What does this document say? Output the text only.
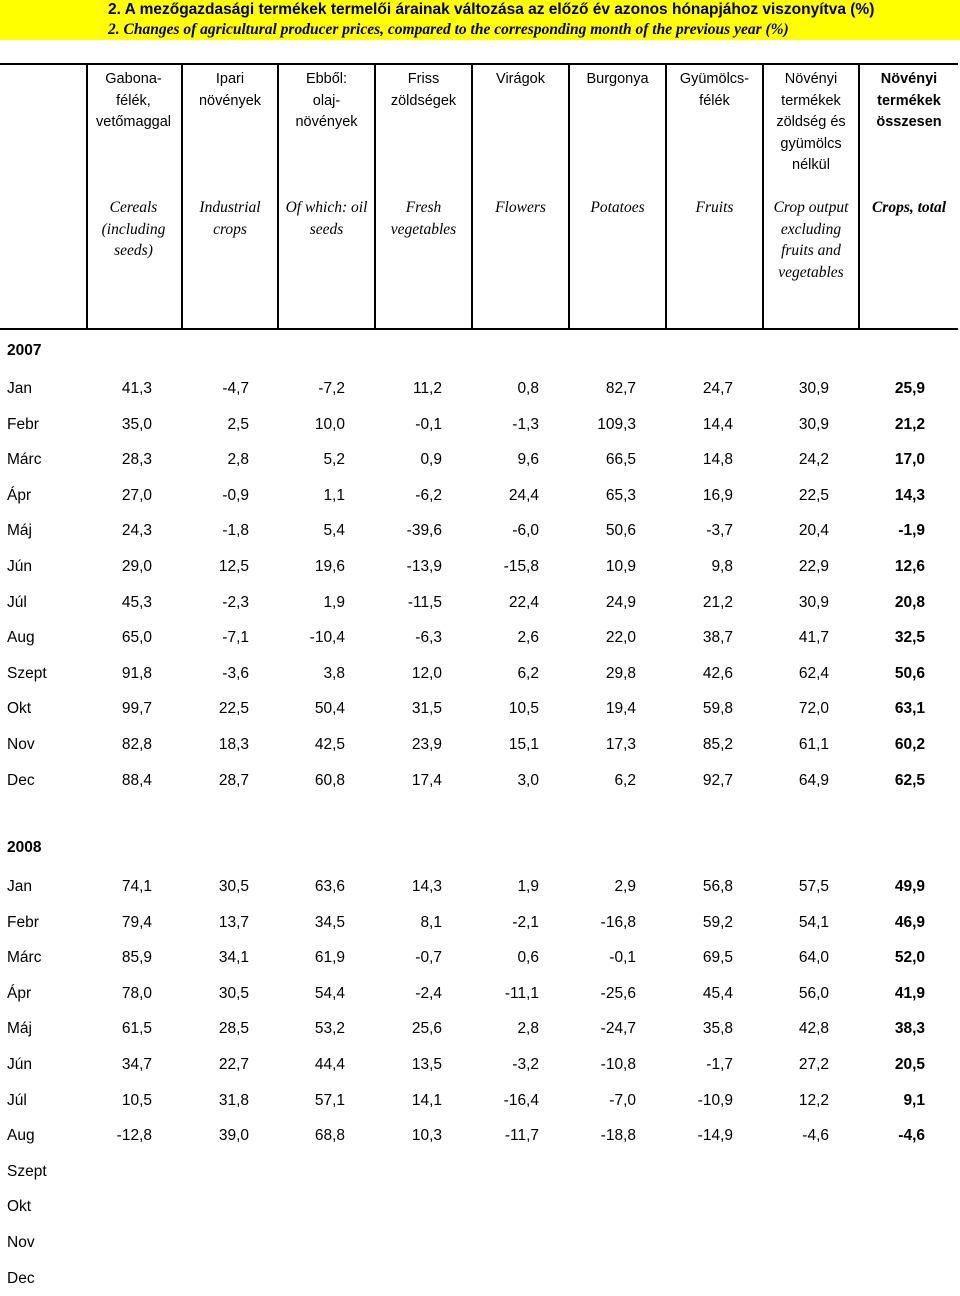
2. A mezőgazdasági termékek termelői árainak változása az előző év azonos hónapjához viszonyítva (%)
2. Changes of agricultural producer prices, compared to the corresponding month of the previous year (%)
Gabona-
félék,
vetőmaggal
Cereals
(including
seeds)
Ipari
növények
Industrial
crops
Ebből:
olaj-
növények
Of which: oil
seeds
Friss
zöldségek
Fresh
vegetables
Virágok
Flowers
Burgonya
Potatoes
Gyümölcs-
félék
Fruits
Növényi
termékek
zöldség és
gyümölcs
nélkül
Crop output
excluding
fruits and
vegetables
Növényi
termékek
összesen
Crops, total
2007
Jan	41,3	-4,7	-7,2	11,2	0,8	82,7	24,7	30,9	25,9
Febr	35,0	2,5	10,0	-0,1	-1,3	109,3	14,4	30,9	21,2
Márc	28,3	2,8	5,2	0,9	9,6	66,5	14,8	24,2	17,0
Ápr	27,0	-0,9	1,1	-6,2	24,4	65,3	16,9	22,5	14,3
Máj	24,3	-1,8	5,4	-39,6	-6,0	50,6	-3,7	20,4	-1,9
Jún	29,0	12,5	19,6	-13,9	-15,8	10,9	9,8	22,9	12,6
Júl	45,3	-2,3	1,9	-11,5	22,4	24,9	21,2	30,9	20,8
Aug	65,0	-7,1	-10,4	-6,3	2,6	22,0	38,7	41,7	32,5
Szept	91,8	-3,6	3,8	12,0	6,2	29,8	42,6	62,4	50,6
Okt	99,7	22,5	50,4	31,5	10,5	19,4	59,8	72,0	63,1
Nov	82,8	18,3	42,5	23,9	15,1	17,3	85,2	61,1	60,2
Dec	88,4	28,7	60,8	17,4	3,0	6,2	92,7	64,9	62,5
2008
Jan	74,1	30,5	63,6	14,3	1,9	2,9	56,8	57,5	49,9
Febr	79,4	13,7	34,5	8,1	-2,1	-16,8	59,2	54,1	46,9
Márc	85,9	34,1	61,9	-0,7	0,6	-0,1	69,5	64,0	52,0
Ápr	78,0	30,5	54,4	-2,4	-11,1	-25,6	45,4	56,0	41,9
Máj	61,5	28,5	53,2	25,6	2,8	-24,7	35,8	42,8	38,3
Jún	34,7	22,7	44,4	13,5	-3,2	-10,8	-1,7	27,2	20,5
Júl	10,5	31,8	57,1	14,1	-16,4	-7,0	-10,9	12,2	9,1
Aug	-12,8	39,0	68,8	10,3	-11,7	-18,8	-14,9	-4,6	-4,6
Szept
Okt
Nov
Dec
